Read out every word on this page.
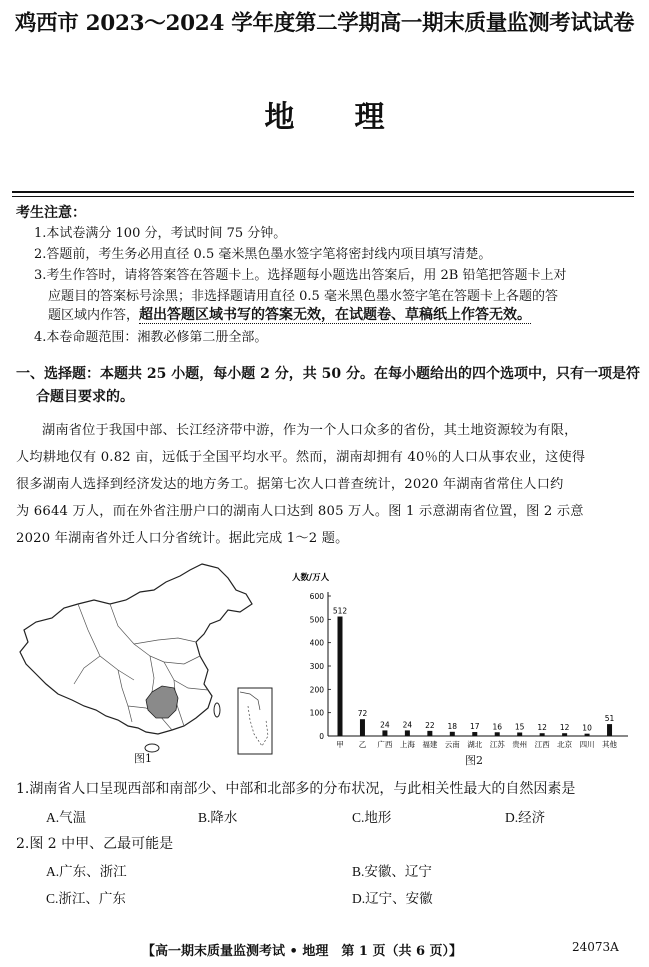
鸡西市 2023～2024 学年度第二学期高一期末质量监测考试试卷
地理
考生注意：
1.本试卷满分 100 分，考试时间 75 分钟。
2.答题前，考生务必用直径 0.5 毫米黑色墨水签字笔将密封线内项目填写清楚。
3.考生作答时，请将答案答在答题卡上。选择题每小题选出答案后，用 2B 铅笔把答题卡上对
应题目的答案标号涂黑；非选择题请用直径 0.5 毫米黑色墨水签字笔在答题卡上各题的答
题区域内作答，超出答题区域书写的答案无效，在试题卷、草稿纸上作答无效。
4.本卷命题范围：湘教必修第二册全部。
一、选择题：本题共 25 小题，每小题 2 分，共 50 分。在每小题给出的四个选项中，只有一项是符
合题目要求的。
湖南省位于我国中部、长江经济带中游，作为一个人口众多的省份，其土地资源较为有限，
人均耕地仅有 0.82 亩，远低于全国平均水平。然而，湖南却拥有 40％的人口从事农业，这使得
很多湖南人选择到经济发达的地方务工。据第七次人口普查统计，2020 年湖南省常住人口约
为 6644 万人，而在外省注册户口的湖南人口达到 805 万人。图 1 示意湖南省位置，图 2 示意
2020 年湖南省外迁人口分省统计。据此完成 1～2 题。
图1
人数/万人
0
100
200
300
400
500
600
512
甲
72
乙
24
广西
24
上海
22
福建
18
云南
17
湖北
16
江苏
15
贵州
12
江西
12
北京
10
四川
51
其他
图2
1.湖南省人口呈现西部和南部少、中部和北部多的分布状况，与此相关性最大的自然因素是
A.气温	B.降水	C.地形	D.经济
2.图 2 中甲、乙最可能是
A.广东、浙江	B.安徽、辽宁
C.浙江、广东	D.辽宁、安徽
【高一期末质量监测考试 • 地理　第 1 页（共 6 页）】	24073A
